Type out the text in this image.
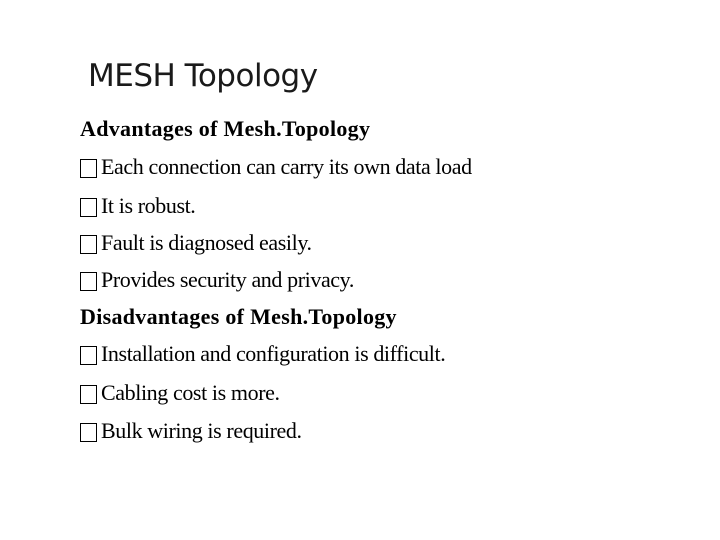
MESH Topology
Advantages of Mesh.Topology
Each connection can carry its own data load
It is robust.
Fault is diagnosed easily.
Provides security and privacy.
Disadvantages of Mesh.Topology
Installation and configuration is difficult.
Cabling cost is more.
Bulk wiring is required.
